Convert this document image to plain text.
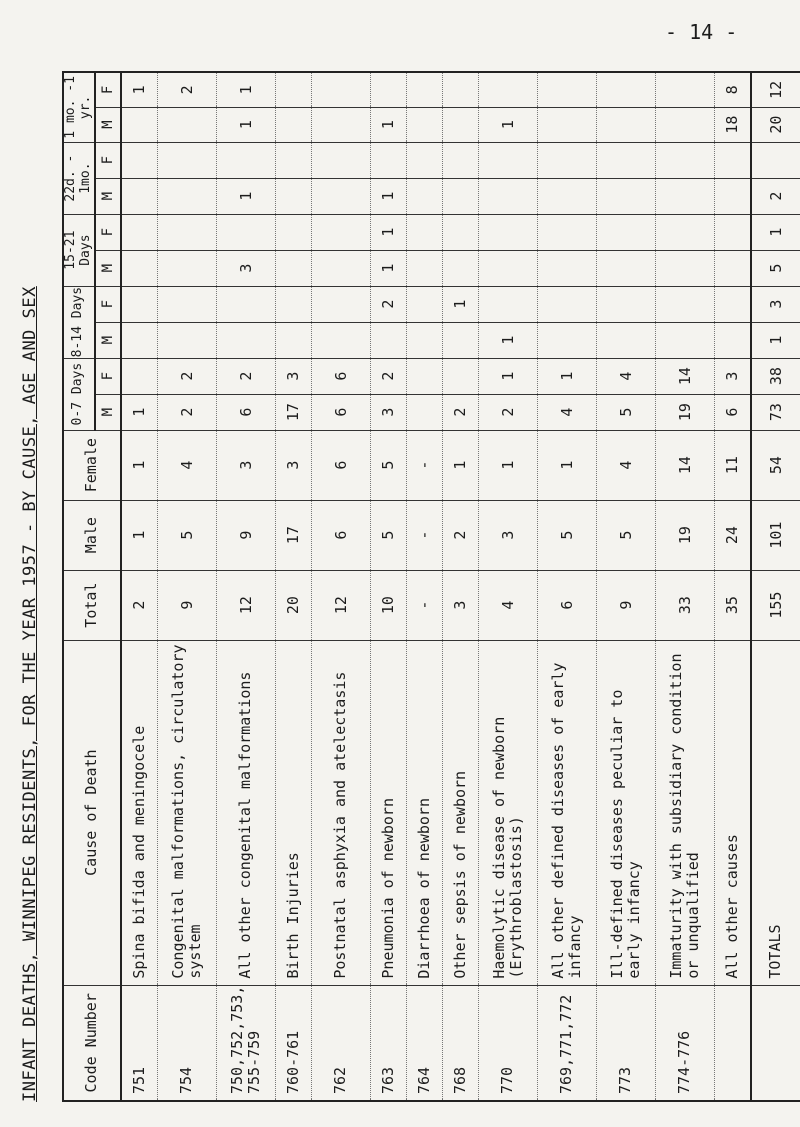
- 14 -
INFANT DEATHS, WINNIPEG RESIDENTS, FOR THE YEAR 1957 - BY CAUSE, AGE AND SEX	Code Number	Cause of Death	Total	Male	Female	0-7 Days		8-14 Days		15-21 Days		22d. - 1mo.		1 mo. -1 yr.	
					M	F	M	F	M	F	M	F	M	F
751	Spina bifida and meningocele	2	1	1	1									1
754	Congenital malformations, circulatory system	9	5	4	2	2								2
750,752,753, 755-759	All other congenital malformations	12	9	3	6	2			3		1		1	1
760-761	Birth Injuries	20	17	3	17	3								
762	Postnatal asphyxia and atelectasis	12	6	6	6	6								
763	Pneumonia of newborn	10	5	5	3	2		2	1	1	1		1	
764	Diarrhoea of newborn	-	-	-										
768	Other sepsis of newborn	3	2	1	2			1						
770	Haemolytic disease of newborn (Erythroblastosis)	4	3	1	2	1	1						1	
769,771,772	All other defined diseases of early infancy	6	5	1	4	1								
773	Ill-defined diseases peculiar to early infancy	9	5	4	5	4								
774-776	Immaturity with subsidiary condition or unqualified	33	19	14	19	14								
	All other causes	35	24	11	6	3							18	8
	TOTALS	155	101	54	73	38	1	3	5	1	2		20	12
